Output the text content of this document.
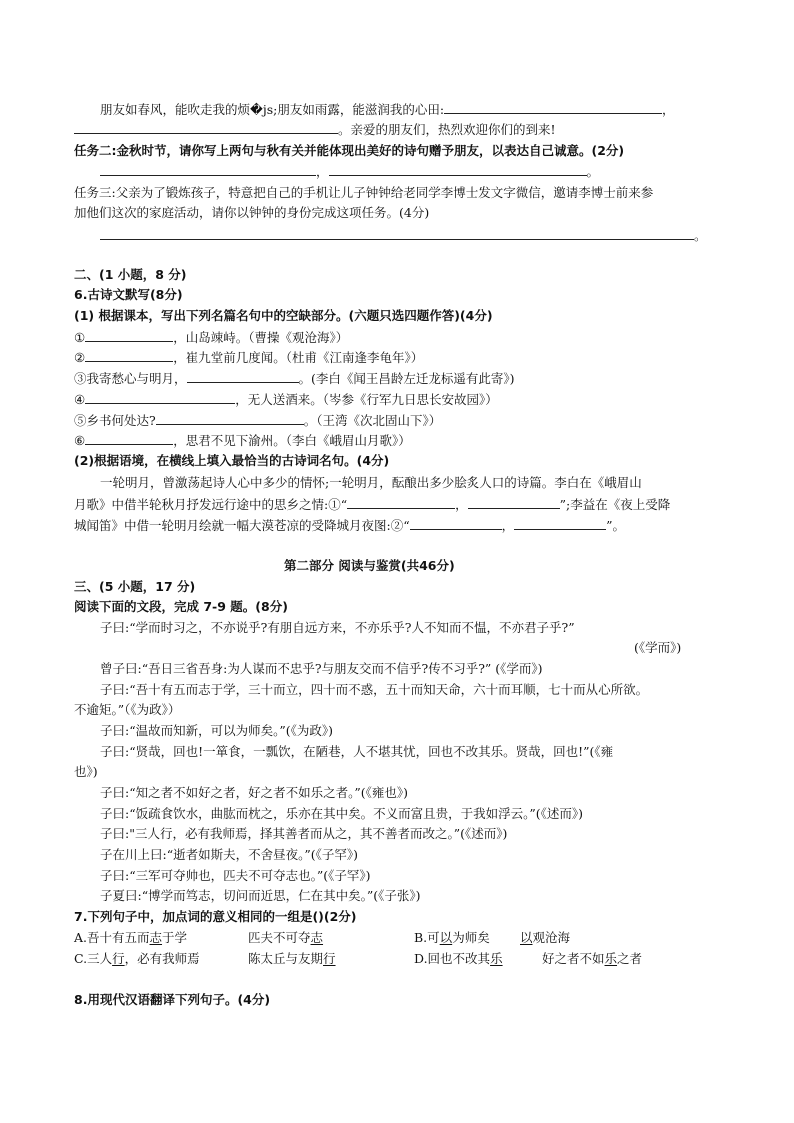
朋友如春风，能吹走我的烦�js;朋友如雨露，能滋润我的心田:	，
。亲爱的朋友们，热烈欢迎你们的到来!
任务二:金秋时节，请你写上两句与秋有关并能体现出美好的诗句赠予朋友，以表达自己诚意。(2分)
，	。
任务三:父亲为了锻炼孩子，特意把自己的手机让儿子钟钟给老同学李博士发文字微信，邀请李博士前来参
加他们这次的家庭活动，请你以钟钟的身份完成这项任务。(4分)
。
二、(1 小题，8 分)
6.古诗文默写(8分)
(1) 根据课本，写出下列名篇名句中的空缺部分。(六题只选四题作答)(4分)
①	，山岛竦峙。（曹操《观沧海》）
②	，崔九堂前几度闻。（杜甫《江南逢李龟年》）
③我寄愁心与明月，	。(李白《闻王昌龄左迁龙标遥有此寄》)
④	，无人送酒来。（岑参《行军九日思长安故园》）
⑤乡书何处达?	。（王湾《次北固山下》）
⑥	，思君不见下渝州。（李白《峨眉山月歌》）
(2)根据语境，在横线上填入最恰当的古诗词名句。(4分)
一轮明月，曾激荡起诗人心中多少的情怀;一轮明月，酝酿出多少脍炙人口的诗篇。李白在《峨眉山
月歌》中借半轮秋月抒发远行途中的思乡之情:①“	，	”;李益在《夜上受降
城闻笛》中借一轮明月绘就一幅大漠苍凉的受降城月夜图:②“	，	”。
第二部分 阅读与鉴赏(共46分)
三、(5 小题，17 分)
阅读下面的文段，完成 7-9 题。(8分)
子曰:“学而时习之，不亦说乎?有朋自远方来，不亦乐乎?人不知而不愠，不亦君子乎?”
(《学而》)
曾子曰:“吾日三省吾身:为人谋而不忠乎?与朋友交而不信乎?传不习乎?” (《学而》)
子曰:“吾十有五而志于学，三十而立，四十而不惑，五十而知天命，六十而耳顺，七十而从心所欲。
不逾矩。”（《为政》）
子曰:“温故而知新，可以为师矣。”(《为政》)
子曰:“贤哉，回也!一箪食，一瓢饮，在陋巷，人不堪其忧，回也不改其乐。贤哉，回也!”(《雍
也》)
子曰:“知之者不如好之者，好之者不如乐之者。”(《雍也》)
子曰:“饭疏食饮水，曲肱而枕之，乐亦在其中矣。不义而富且贵，于我如浮云。”(《述而》)
子曰:"三人行，必有我师焉，择其善者而从之，其不善者而改之。”(《述而》)
子在川上曰:“逝者如斯夫，不舍昼夜。”(《子罕》)
子曰:“三军可夺帅也，匹夫不可夺志也。”(《子罕》)
子夏曰:“博学而笃志，切问而近思，仁在其中矣。”(《子张》)
7.下列句子中，加点词的意义相同的一组是()(2分)
A.吾十有五而志于学	匹夫不可夺志	B.可以为师矣 以观沧海
C.三人行，必有我师焉	陈太丘与友期行	D.回也不改其乐	好之者不如乐之者
8.用现代汉语翻译下列句子。(4分)
